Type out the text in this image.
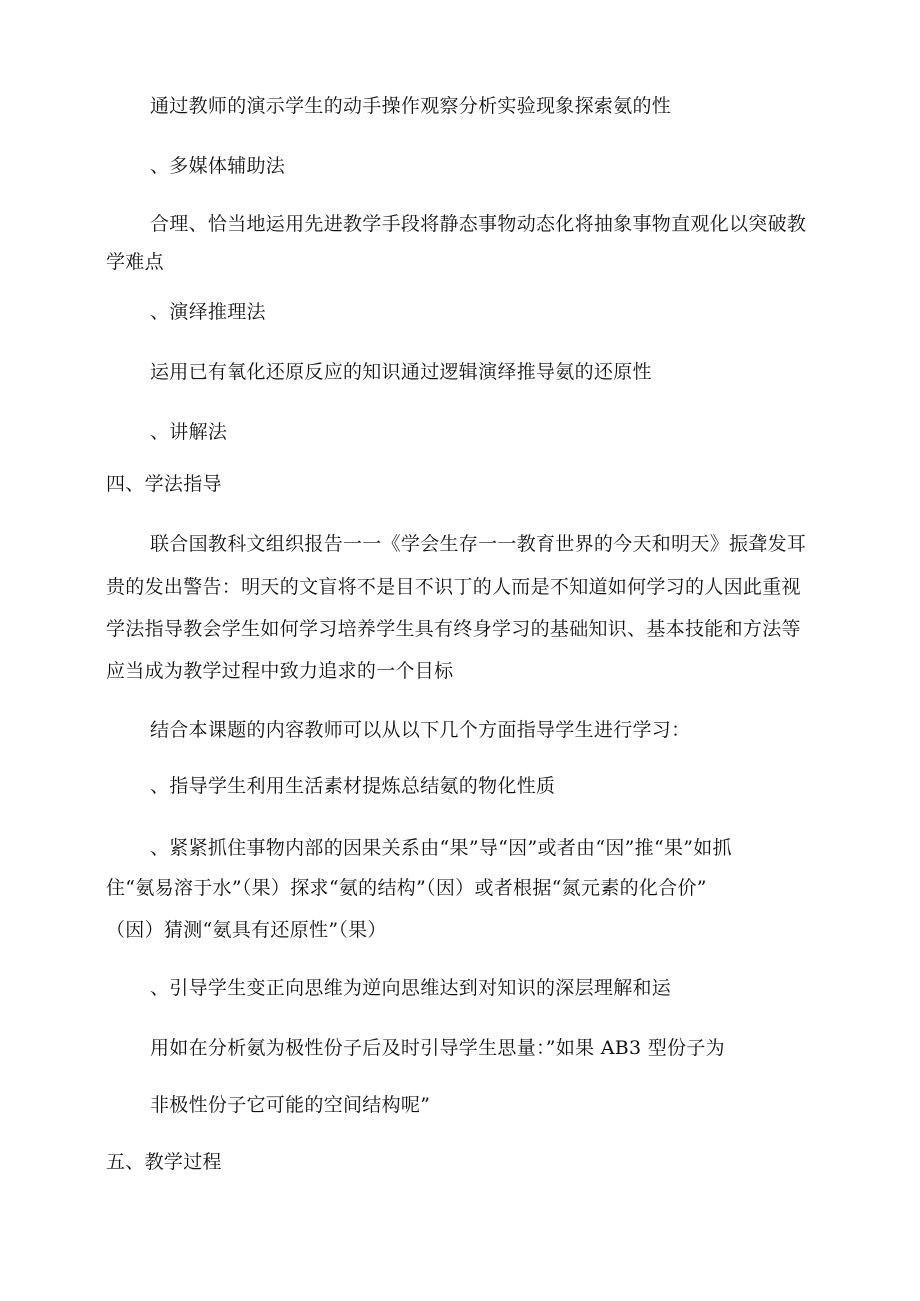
通过教师的演示学生的动手操作观察分析实验现象探索氨的性
、多媒体辅助法
合理、恰当地运用先进教学手段将静态事物动态化将抽象事物直观化以突破教
学难点
、演绎推理法
运用已有氧化还原反应的知识通过逻辑演绎推导氨的还原性
、讲解法
四、学法指导
联合国教科文组织报告一一《学会生存一一教育世界的今天和明天》振聋发耳
贵的发出警告：明天的文盲将不是目不识丁的人而是不知道如何学习的人因此重视
学法指导教会学生如何学习培养学生具有终身学习的基础知识、基本技能和方法等
应当成为教学过程中致力追求的一个目标
结合本课题的内容教师可以从以下几个方面指导学生进行学习：
、指导学生利用生活素材提炼总结氨的物化性质
、紧紧抓住事物内部的因果关系由“果”导“因”或者由“因”推“果”如抓
住“氨易溶于水”（果）探求“氨的结构”（因）或者根据“氮元素的化合价”
（因）猜测“氨具有还原性”（果）
、引导学生变正向思维为逆向思维达到对知识的深层理解和运
用如在分析氨为极性份子后及时引导学生思量：”如果 AB3 型份子为
非极性份子它可能的空间结构呢”
五、教学过程
